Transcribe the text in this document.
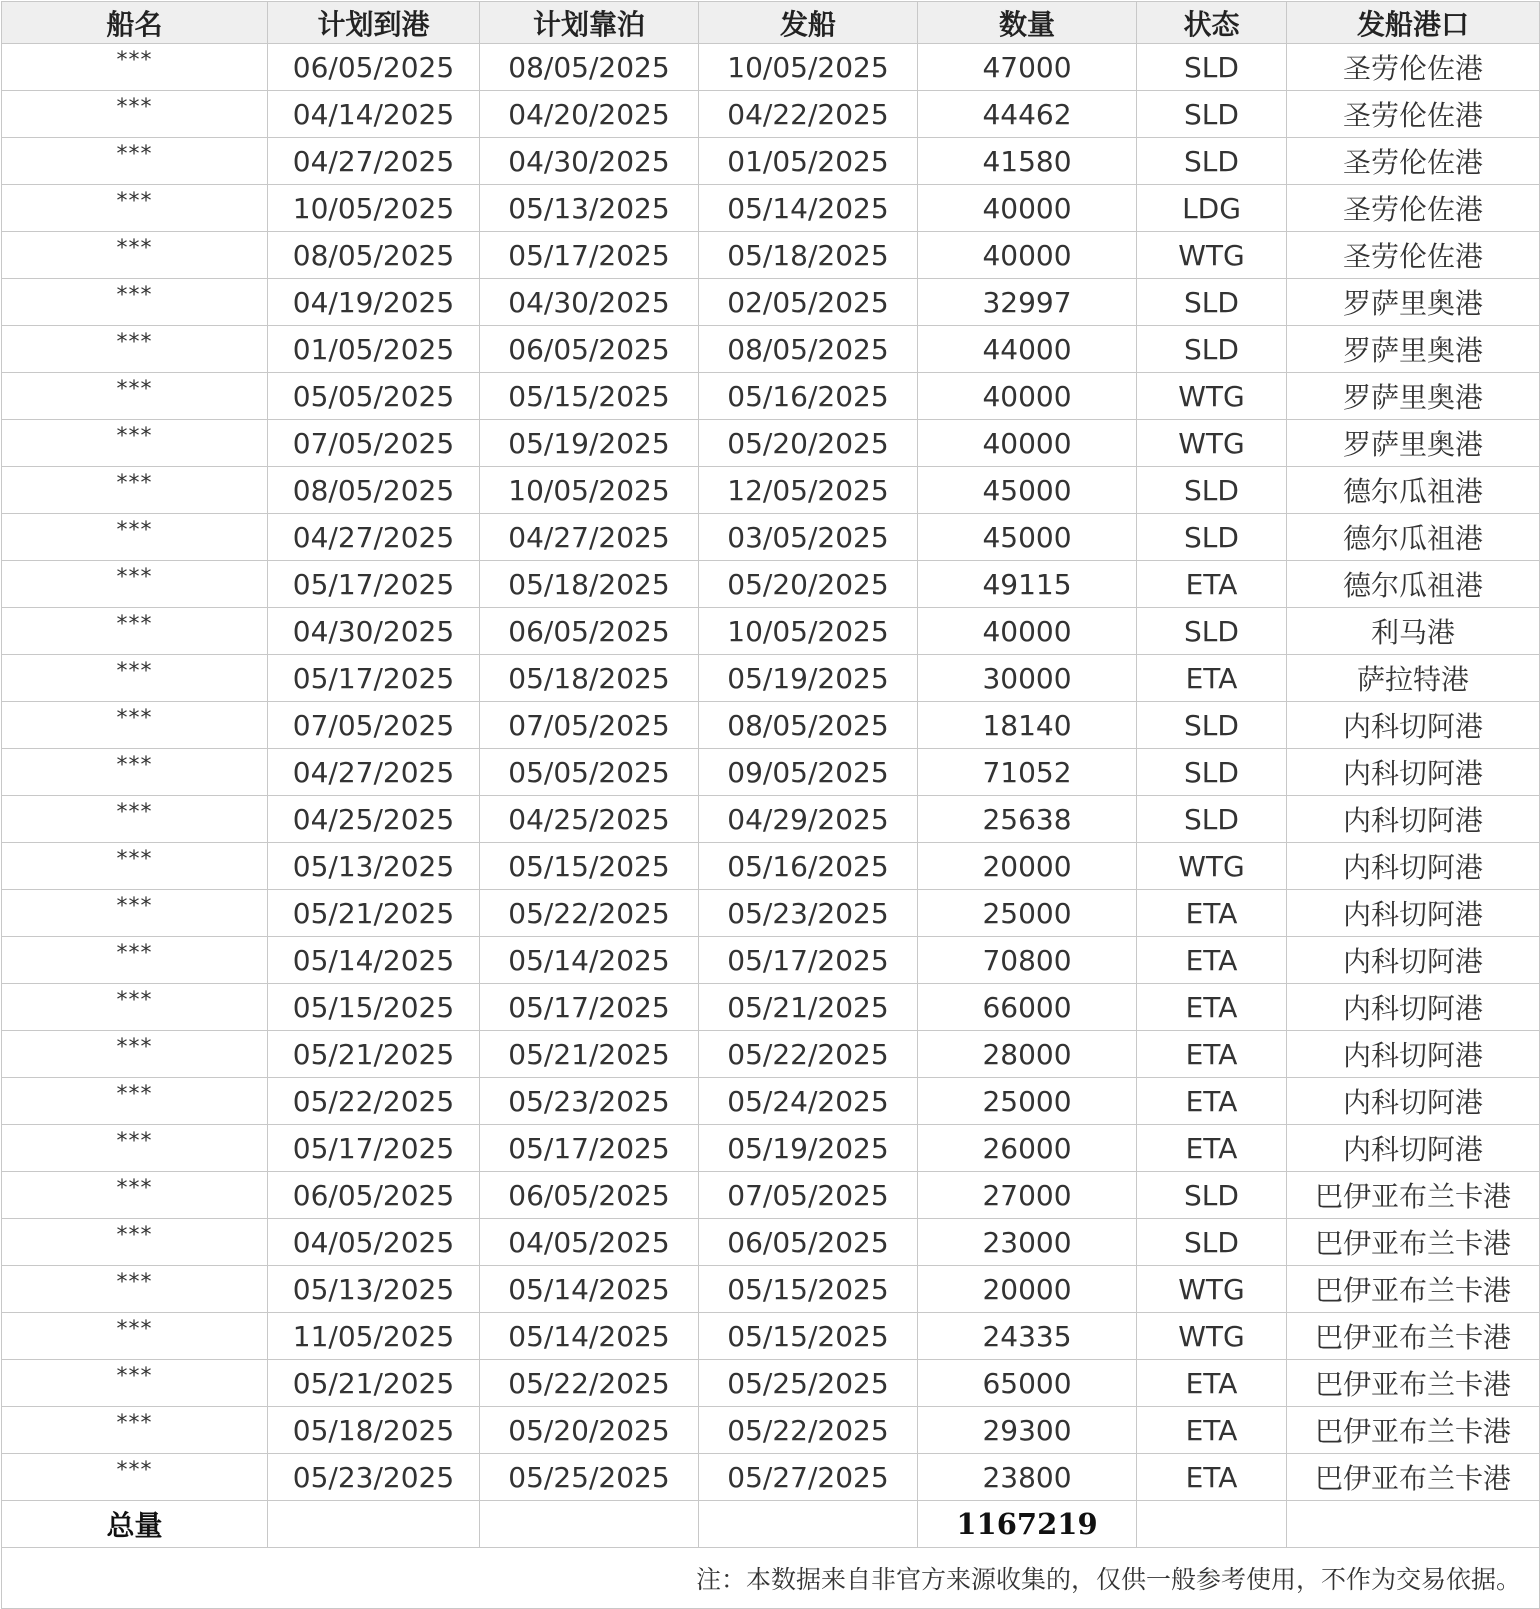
船名	计划到港	计划靠泊	发船	数量	状态	发船港口
***	06/05/2025	08/05/2025	10/05/2025	47000	SLD	圣劳伦佐港
***	04/14/2025	04/20/2025	04/22/2025	44462	SLD	圣劳伦佐港
***	04/27/2025	04/30/2025	01/05/2025	41580	SLD	圣劳伦佐港
***	10/05/2025	05/13/2025	05/14/2025	40000	LDG	圣劳伦佐港
***	08/05/2025	05/17/2025	05/18/2025	40000	WTG	圣劳伦佐港
***	04/19/2025	04/30/2025	02/05/2025	32997	SLD	罗萨里奥港
***	01/05/2025	06/05/2025	08/05/2025	44000	SLD	罗萨里奥港
***	05/05/2025	05/15/2025	05/16/2025	40000	WTG	罗萨里奥港
***	07/05/2025	05/19/2025	05/20/2025	40000	WTG	罗萨里奥港
***	08/05/2025	10/05/2025	12/05/2025	45000	SLD	德尔瓜祖港
***	04/27/2025	04/27/2025	03/05/2025	45000	SLD	德尔瓜祖港
***	05/17/2025	05/18/2025	05/20/2025	49115	ETA	德尔瓜祖港
***	04/30/2025	06/05/2025	10/05/2025	40000	SLD	利马港
***	05/17/2025	05/18/2025	05/19/2025	30000	ETA	萨拉特港
***	07/05/2025	07/05/2025	08/05/2025	18140	SLD	内科切阿港
***	04/27/2025	05/05/2025	09/05/2025	71052	SLD	内科切阿港
***	04/25/2025	04/25/2025	04/29/2025	25638	SLD	内科切阿港
***	05/13/2025	05/15/2025	05/16/2025	20000	WTG	内科切阿港
***	05/21/2025	05/22/2025	05/23/2025	25000	ETA	内科切阿港
***	05/14/2025	05/14/2025	05/17/2025	70800	ETA	内科切阿港
***	05/15/2025	05/17/2025	05/21/2025	66000	ETA	内科切阿港
***	05/21/2025	05/21/2025	05/22/2025	28000	ETA	内科切阿港
***	05/22/2025	05/23/2025	05/24/2025	25000	ETA	内科切阿港
***	05/17/2025	05/17/2025	05/19/2025	26000	ETA	内科切阿港
***	06/05/2025	06/05/2025	07/05/2025	27000	SLD	巴伊亚布兰卡港
***	04/05/2025	04/05/2025	06/05/2025	23000	SLD	巴伊亚布兰卡港
***	05/13/2025	05/14/2025	05/15/2025	20000	WTG	巴伊亚布兰卡港
***	11/05/2025	05/14/2025	05/15/2025	24335	WTG	巴伊亚布兰卡港
***	05/21/2025	05/22/2025	05/25/2025	65000	ETA	巴伊亚布兰卡港
***	05/18/2025	05/20/2025	05/22/2025	29300	ETA	巴伊亚布兰卡港
***	05/23/2025	05/25/2025	05/27/2025	23800	ETA	巴伊亚布兰卡港
总量				1167219		
注：本数据来自非官方来源收集的，仅供一般参考使用，不作为交易依据。						
